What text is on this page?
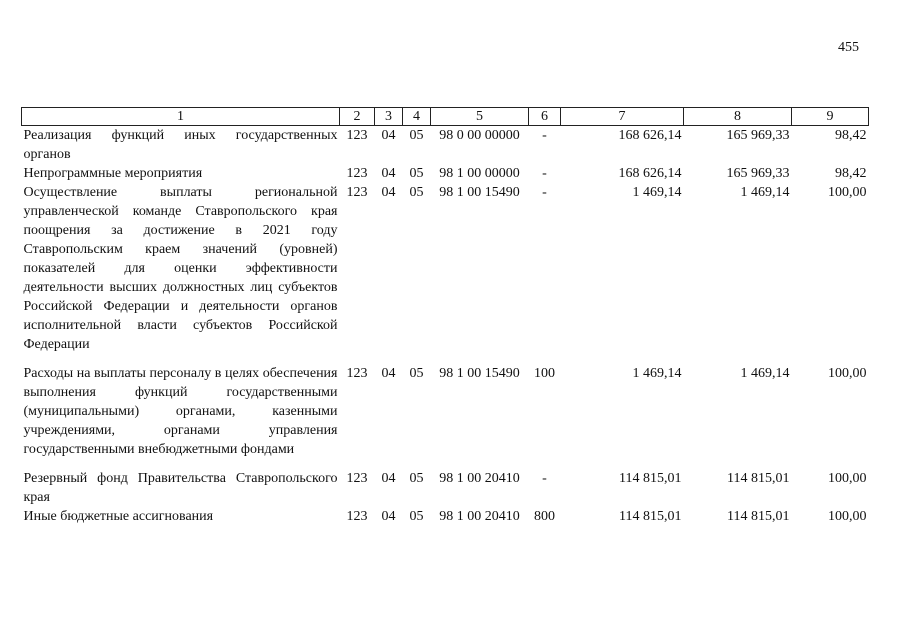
455
1	2	3	4	5	6	7	8	9
Реализация функций иных государственных органов	123	04	05	98 0 00 00000	-	168 626,14	165 969,33	98,42
Непрограммные мероприятия	123	04	05	98 1 00 00000	-	168 626,14	165 969,33	98,42
Осуществление выплаты региональной управленческой команде Ставропольского края поощрения за достижение в 2021 году Ставропольским краем значений (уровней) показателей для оценки эффективности деятельности высших должностных лиц субъектов Российской Федерации и деятельности органов исполнительной власти субъектов Российской Федерации	123	04	05	98 1 00 15490	-	1 469,14	1 469,14	100,00
Расходы на выплаты персоналу в целях обеспечения выполнения функций государственными (муниципальными) органами, казенными учреждениями, органами управления государственными внебюджетными фондами	123	04	05	98 1 00 15490	100	1 469,14	1 469,14	100,00
Резервный фонд Правительства Ставропольского края	123	04	05	98 1 00 20410	-	114 815,01	114 815,01	100,00
Иные бюджетные ассигнования	123	04	05	98 1 00 20410	800	114 815,01	114 815,01	100,00
